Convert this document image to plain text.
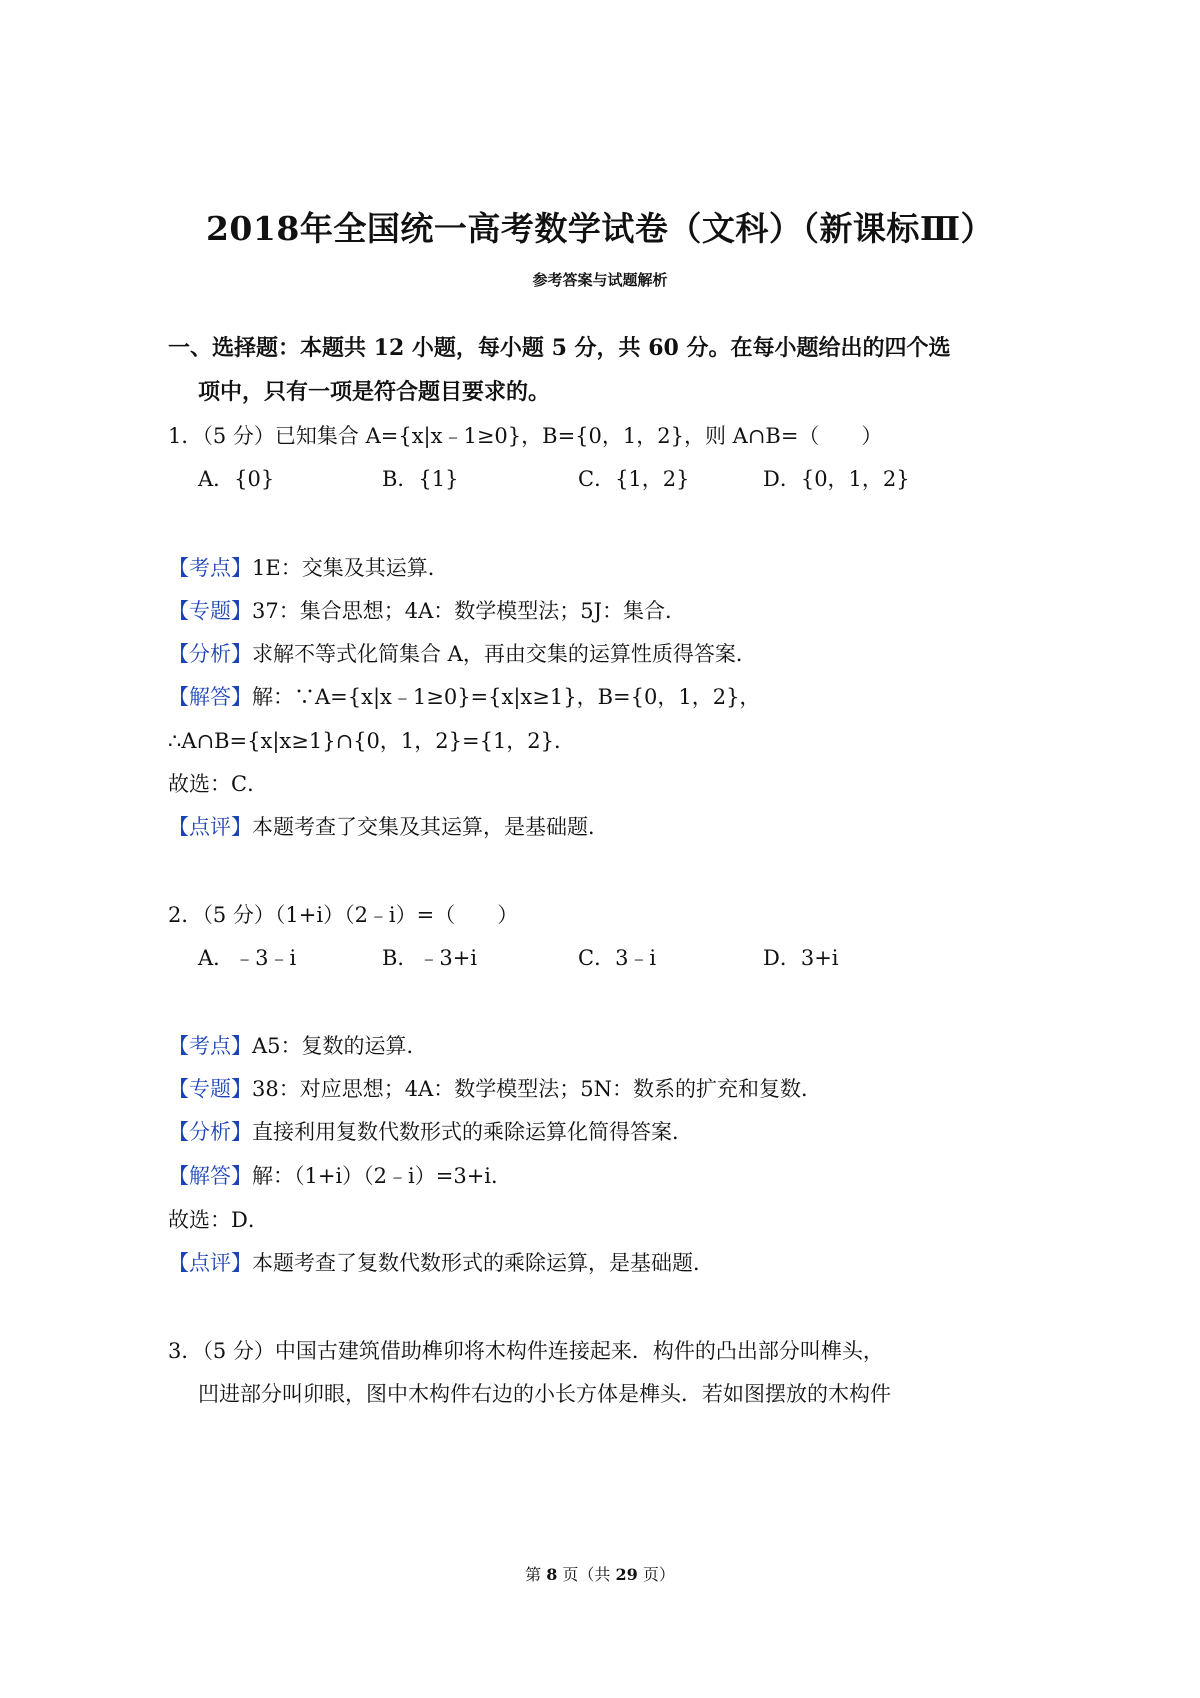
2018年全国统一高考数学试卷（文科）（新课标Ⅲ）
参考答案与试题解析
一、选择题：本题共 12 小题，每小题 5 分，共 60 分。在每小题给出的四个选
项中，只有一项是符合题目要求的。
1．（5 分）已知集合 A={x|x﹣1≥0}，B={0，1，2}，则 A∩B=（　　）
A．{0}	B．{1}	C．{1，2}	D．{0，1，2}
【考点】1E：交集及其运算．
【专题】37：集合思想；4A：数学模型法；5J：集合．
【分析】求解不等式化简集合 A，再由交集的运算性质得答案．
【解答】解：∵A={x|x﹣1≥0}={x|x≥1}，B={0，1，2}，
∴A∩B={x|x≥1}∩{0，1，2}={1，2}．
故选：C．
【点评】本题考查了交集及其运算，是基础题．
2．（5 分）（1+i）（2﹣i）=（　　）
A．﹣3﹣i	B．﹣3+i	C．3﹣i	D．3+i
【考点】A5：复数的运算．
【专题】38：对应思想；4A：数学模型法；5N：数系的扩充和复数．
【分析】直接利用复数代数形式的乘除运算化简得答案．
【解答】解：（1+i）（2﹣i）=3+i．
故选：D．
【点评】本题考查了复数代数形式的乘除运算，是基础题．
3．（5 分）中国古建筑借助榫卯将木构件连接起来．构件的凸出部分叫榫头，
凹进部分叫卯眼，图中木构件右边的小长方体是榫头．若如图摆放的木构件
第 8 页（共 29 页）
